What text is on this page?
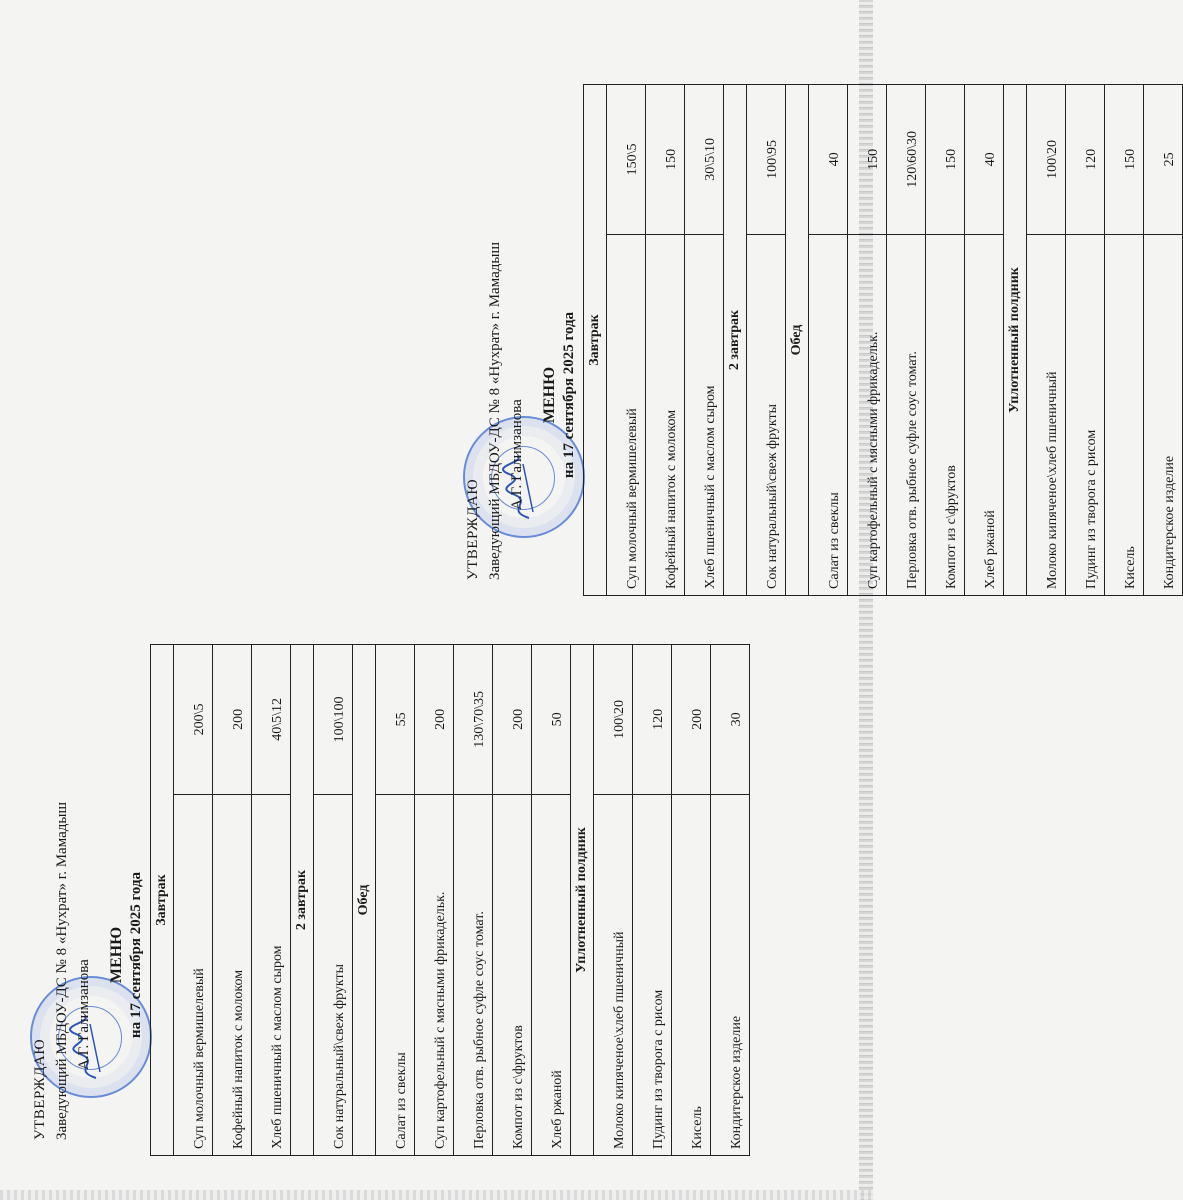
УТВЕРЖДАЮ Заведующий МБДОУ-ДС № 8 «Нухрат» г. Мамадыш А.Г. Галимзанова
МЕНЮ на 17 сентября 2025 года Завтрак	
Суп молочный вермишелевый	200\5
Кофейный напиток с молоком	200
Хлеб пшеничный с маслом сыром	40\5\12
2 завтрак	
Сок натуральный\свеж фрукты	100\100
Обед	
Салат из свеклы	55
Суп картофельный с мясными фрикадельк.	200
Перловка отв. рыбное суфле соус томат.	130\70\35
Компот из с\фруктов	200
Хлеб ржаной	50
Уплотненный полдник	
Молоко кипяченое\хлеб пшеничный	100\20
Пудинг из творога с рисом	120
Кисель	200
Кондитерское изделие	30
УТВЕРЖДАЮ Заведующий МБДОУ-ДС № 8 «Нухрат» г. Мамадыш А.Г. Галимзанова
МЕНЮ на 17 сентября 2025 года Завтрак	
Суп молочный вермишелевый	150\5
Кофейный напиток с молоком	150
Хлеб пшеничный с маслом сыром	30\5\10
2 завтрак	
Сок натуральный\свеж фрукты	100\95
Обед	
Салат из свеклы	40
Суп картофельный с мясными фрикадельк.	150
Перловка отв. рыбное суфле соус томат.	120\60\30
Компот из с\фруктов	150
Хлеб ржаной	40
Уплотненный полдник	
Молоко кипяченое\хлеб пшеничный	100\20
Пудинг из творога с рисом	120
Кисель	150
Кондитерское изделие	25
